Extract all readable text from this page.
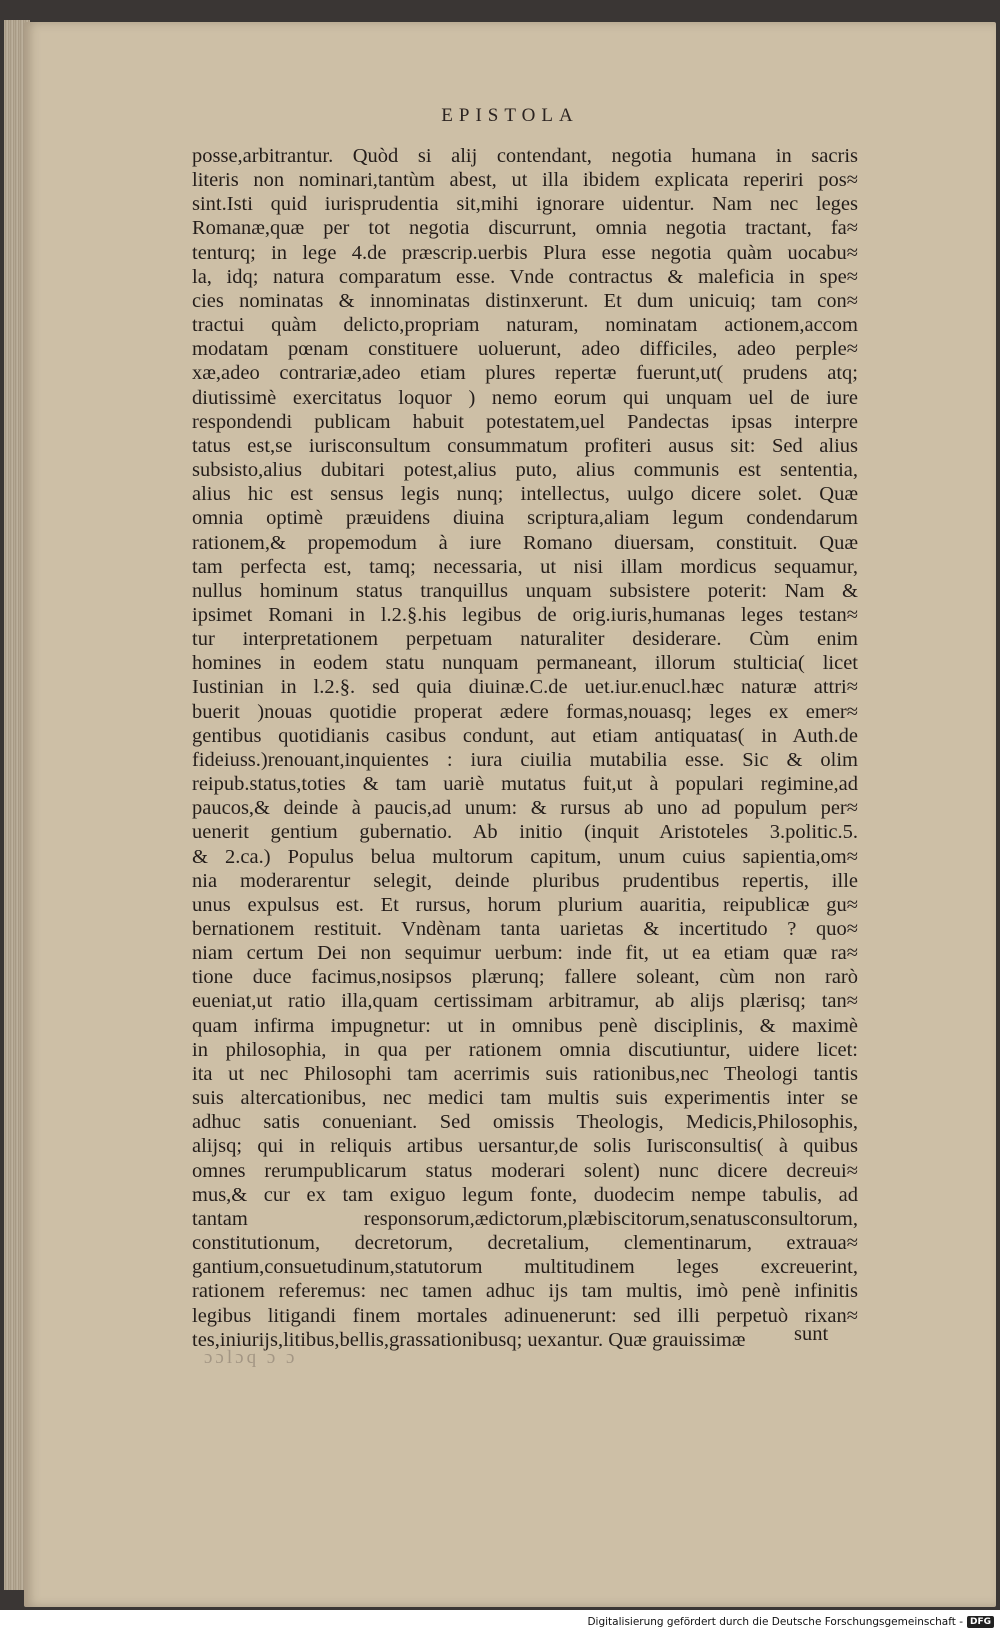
EPISTOLA
posse,arbitrantur. Quòd si alij contendant, negotia humana in sacris
literis non nominari,tantùm abest, ut illa ibidem explicata reperiri pos≈
sint.Isti quid iurisprudentia sit,mihi ignorare uidentur. Nam nec leges
Romanæ,quæ per tot negotia discurrunt, omnia negotia tractant, fa≈
tenturq; in lege 4.de præscrip.uerbis Plura esse negotia quàm uocabu≈
la, idq; natura comparatum esse. Vnde contractus & maleficia in spe≈
cies nominatas & innominatas distinxerunt. Et dum unicuiq; tam con≈
tractui quàm delicto,propriam naturam, nominatam actionem,accom
modatam pœnam constituere uoluerunt, adeo difficiles, adeo perple≈
xæ,adeo contrariæ,adeo etiam plures repertæ fuerunt,ut( prudens atq;
diutissimè exercitatus loquor ) nemo eorum qui unquam uel de iure
respondendi publicam habuit potestatem,uel Pandectas ipsas interpre
tatus est,se iurisconsultum consummatum profiteri ausus sit: Sed alius
subsisto,alius dubitari potest,alius puto, alius communis est sententia,
alius hic est sensus legis nunq; intellectus, uulgo dicere solet. Quæ
omnia optimè præuidens diuina scriptura,aliam legum condendarum
rationem,& propemodum à iure Romano diuersam, constituit. Quæ
tam perfecta est, tamq; necessaria, ut nisi illam mordicus sequamur,
nullus hominum status tranquillus unquam subsistere poterit: Nam &
ipsimet Romani in l.2.§.his legibus de orig.iuris,humanas leges testan≈
tur interpretationem perpetuam naturaliter desiderare. Cùm enim
homines in eodem statu nunquam permaneant, illorum stulticia( licet
Iustinian in l.2.§. sed quia diuinæ.C.de uet.iur.enucl.hæc naturæ attri≈
buerit )nouas quotidie properat ædere formas,nouasq; leges ex emer≈
gentibus quotidianis casibus condunt, aut etiam antiquatas( in Auth.de
fideiuss.)renouant,inquientes : iura ciuilia mutabilia esse. Sic & olim
reipub.status,toties & tam uariè mutatus fuit,ut à populari regimine,ad
paucos,& deinde à paucis,ad unum: & rursus ab uno ad populum per≈
uenerit gentium gubernatio. Ab initio (inquit Aristoteles 3.politic.5.
& 2.ca.) Populus belua multorum capitum, unum cuius sapientia,om≈
nia moderarentur selegit, deinde pluribus prudentibus repertis, ille
unus expulsus est. Et rursus, horum plurium auaritia, reipublicæ gu≈
bernationem restituit. Vndènam tanta uarietas & incertitudo ? quo≈
niam certum Dei non sequimur uerbum: inde fit, ut ea etiam quæ ra≈
tione duce facimus,nosipsos plærunq; fallere soleant, cùm non rarò
eueniat,ut ratio illa,quam certissimam arbitramur, ab alijs plærisq; tan≈
quam infirma impugnetur: ut in omnibus penè disciplinis, & maximè
in philosophia, in qua per rationem omnia discutiuntur, uidere licet:
ita ut nec Philosophi tam acerrimis suis rationibus,nec Theologi tantis
suis altercationibus, nec medici tam multis suis experimentis inter se
adhuc satis conueniant. Sed omissis Theologis, Medicis,Philosophis,
alijsq; qui in reliquis artibus uersantur,de solis Iurisconsultis( à quibus
omnes rerumpublicarum status moderari solent) nunc dicere decreui≈
mus,& cur ex tam exiguo legum fonte, duodecim nempe tabulis, ad
tantam responsorum,ædictorum,plæbiscitorum,senatusconsultorum,
constitutionum, decretorum, decretalium, clementinarum, extraua≈
gantium,consuetudinum,statutorum multitudinem leges excreuerint,
rationem referemus: nec tamen adhuc ijs tam multis, imò penè infinitis
legibus litigandi finem mortales adinuenerunt: sed illi perpetuò rixan≈
tes,iniurijs,litibus,bellis,grassationibusq; uexantur. Quæ grauissimæ	sunt
ɔɔlɔq ɔ ɔ
Digitalisierung gefördert durch die Deutsche Forschungsgemeinschaft - DFG
